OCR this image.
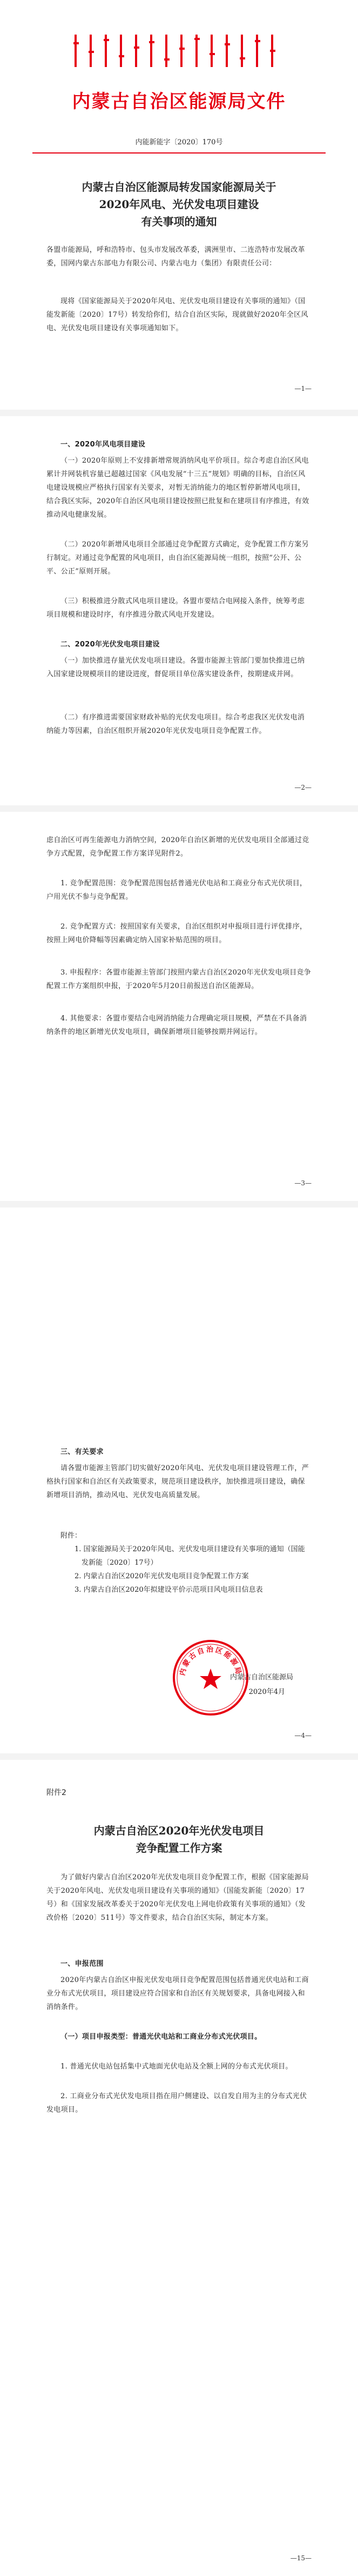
内蒙古自治区能源局文件
内能新能字〔2020〕170号
内蒙古自治区能源局转发国家能源局关于
2020年风电、光伏发电项目建设
有关事项的通知

各盟市能源局，呼和浩特市、包头市发展改革委，满洲里市、二连浩特市发展改革委，国网内蒙古东部电力有限公司、内蒙古电力（集团）有限责任公司：

现将《国家能源局关于2020年风电、光伏发电项目建设有关事项的通知》（国能发新能〔2020〕17号）转发给你们，结合自治区实际，现就做好2020年全区风电、光伏发电项目建设有关事项通知如下。

—1—

一、2020年风电项目建设

（一）2020年原则上不安排新增常规消纳风电平价项目。综合考虑自治区风电累计并网装机容量已超越过国家《风电发展“十三五”规划》明确的目标，自治区风电建设规模应严格执行国家有关要求，对暂无消纳能力的地区暂停新增风电项目，结合我区实际，2020年自治区风电项目建设按照已批复和在建项目有序推进，有效推动风电健康发展。

（二）2020年新增风电项目全部通过竞争配置方式确定，竞争配置工作方案另行制定。对通过竞争配置的风电项目，由自治区能源局统一组织，按照“公开、公平、公正”原则开展。

（三）积极推进分散式风电项目建设。各盟市要结合电网接入条件，统筹考虑项目规模和建设时序，有序推进分散式风电开发建设。

二、2020年光伏发电项目建设

（一）加快推进存量光伏发电项目建设。各盟市能源主管部门要加快推进已纳入国家建设规模项目的建设进度，督促项目单位落实建设条件，按期建成并网。

（二）有序推进需要国家财政补贴的光伏发电项目。综合考虑我区光伏发电消纳能力等因素，自治区组织开展2020年光伏发电项目竞争配置工作。

—2—

虑自治区可再生能源电力消纳空间，2020年自治区新增的光伏发电项目全部通过竞争方式配置，竞争配置工作方案详见附件2。

1. 竞争配置范围：竞争配置范围包括普通光伏电站和工商业分布式光伏项目，户用光伏不参与竞争配置。

2. 竞争配置方式：按照国家有关要求，自治区组织对申报项目进行评优排序，按照上网电价降幅等因素确定纳入国家补贴范围的项目。

3. 申报程序：各盟市能源主管部门按照内蒙古自治区2020年光伏发电项目竞争配置工作方案组织申报，于2020年5月20日前报送自治区能源局。

4. 其他要求：各盟市要结合电网消纳能力合理确定项目规模，严禁在不具备消纳条件的地区新增光伏发电项目，确保新增项目能够按期并网运行。

—3—

三、有关要求

请各盟市能源主管部门切实做好2020年风电、光伏发电项目建设管理工作，严格执行国家和自治区有关政策要求，规范项目建设秩序，加快推进项目建设，确保新增项目消纳，推动风电、光伏发电高质量发展。

附件：
1. 国家能源局关于2020年风电、光伏发电项目建设有关事项的通知（国能发新能〔2020〕17号）
2. 内蒙古自治区2020年光伏发电项目竞争配置工作方案
3. 内蒙古自治区2020年拟建设平价示范项目风电项目信息表
内蒙古自治区能源局
内蒙古自治区能源局
2020年4月
—4—
附件2
内蒙古自治区2020年光伏发电项目
竞争配置工作方案

为了做好内蒙古自治区2020年光伏发电项目竞争配置工作，根据《国家能源局关于2020年风电、光伏发电项目建设有关事项的通知》（国能发新能〔2020〕17号）和《国家发展改革委关于2020年光伏发电上网电价政策有关事项的通知》（发改价格〔2020〕511号）等文件要求，结合自治区实际，制定本方案。

一、申报范围

2020年内蒙古自治区申报光伏发电项目竞争配置范围包括普通光伏电站和工商业分布式光伏项目，项目建设应符合国家和自治区有关规划要求，具备电网接入和消纳条件。

（一）项目申报类型：普通光伏电站和工商业分布式光伏项目。

1. 普通光伏电站包括集中式地面光伏电站及全额上网的分布式光伏项目。

2. 工商业分布式光伏发电项目指在用户侧建设、以自发自用为主的分布式光伏发电项目。

—15—
